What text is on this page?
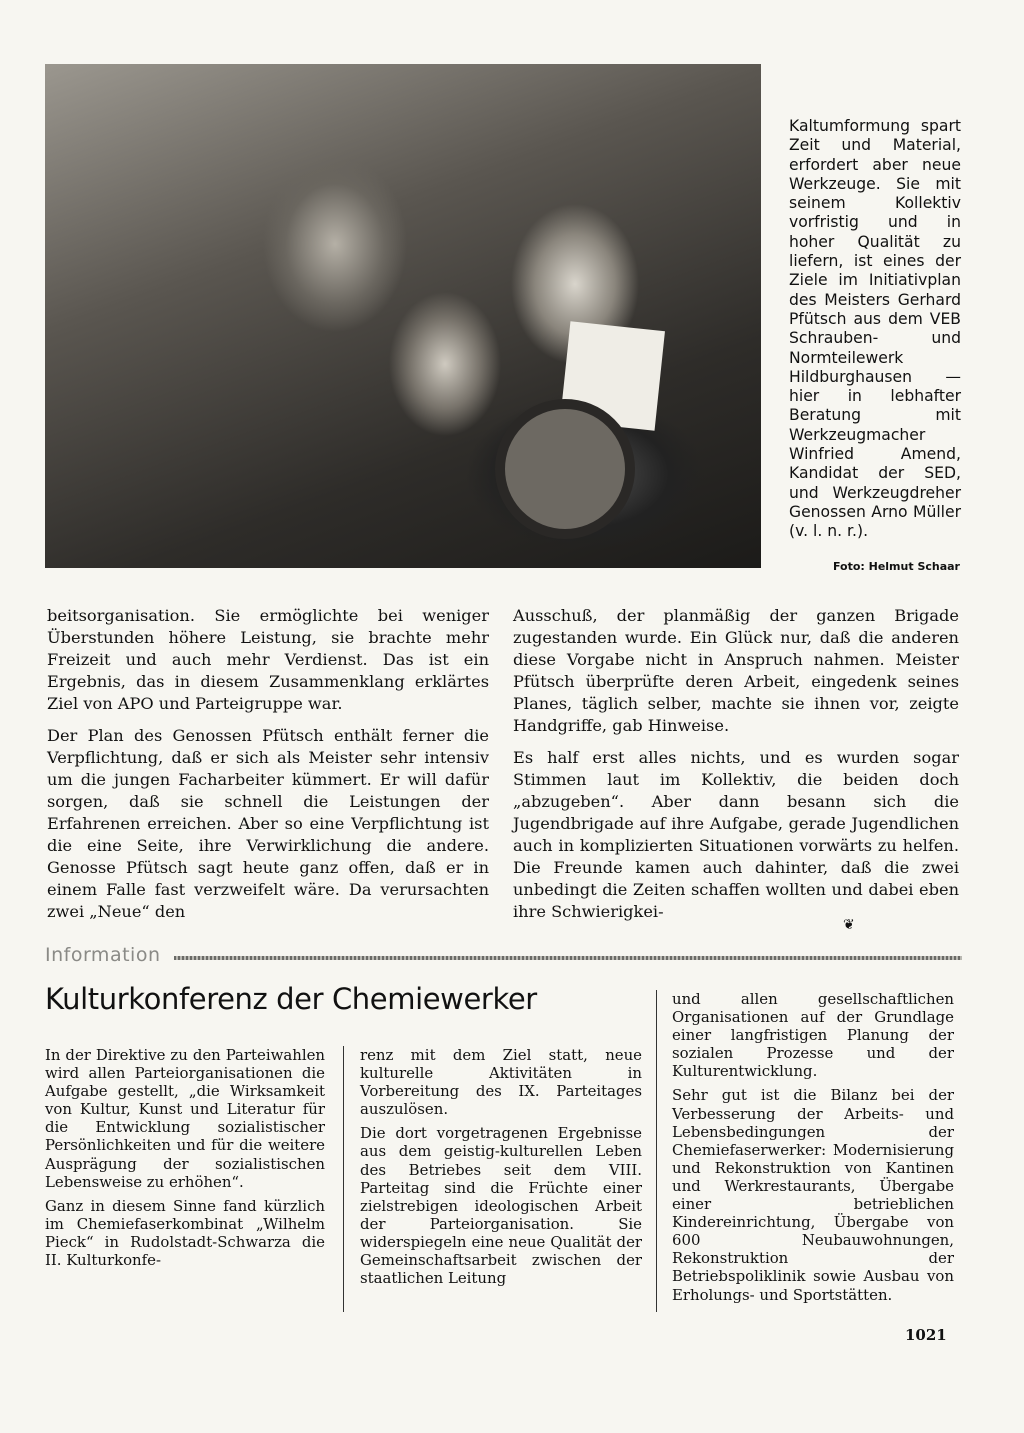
Kaltumformung spart Zeit und Material, erfordert aber neue Werkzeuge. Sie mit seinem Kollektiv vorfristig und in hoher Qualität zu liefern, ist eines der Ziele im Initiativplan des Meisters Gerhard Pfütsch aus dem VEB Schrauben- und Normteilewerk Hildburghausen — hier in lebhafter Beratung mit Werkzeugmacher Winfried Amend, Kandidat der SED, und Werkzeugdreher Genossen Arno Müller (v. l. n. r.).

Foto: Helmut Schaar

beitsorganisation. Sie ermöglichte bei weniger Überstunden höhere Leistung, sie brachte mehr Freizeit und auch mehr Verdienst. Das ist ein Ergebnis, das in diesem Zusammenklang erklärtes Ziel von APO und Parteigruppe war.

Der Plan des Genossen Pfütsch enthält ferner die Verpflichtung, daß er sich als Meister sehr intensiv um die jungen Facharbeiter kümmert. Er will dafür sorgen, daß sie schnell die Leistungen der Erfahrenen erreichen. Aber so eine Verpflichtung ist die eine Seite, ihre Verwirklichung die andere. Genosse Pfütsch sagt heute ganz offen, daß er in einem Falle fast verzweifelt wäre. Da verursachten zwei „Neue“ den

Ausschuß, der planmäßig der ganzen Brigade zugestanden wurde. Ein Glück nur, daß die anderen diese Vorgabe nicht in Anspruch nahmen. Meister Pfütsch überprüfte deren Arbeit, eingedenk seines Planes, täglich selber, machte sie ihnen vor, zeigte Handgriffe, gab Hinweise.

Es half erst alles nichts, und es wurden sogar Stimmen laut im Kollektiv, die beiden doch „abzugeben“. Aber dann besann sich die Jugendbrigade auf ihre Aufgabe, gerade Jugendlichen auch in komplizierten Situationen vorwärts zu helfen. Die Freunde kamen auch dahinter, daß die zwei unbedingt die Zeiten schaffen wollten und dabei eben ihre Schwierigkei-

❦
Information
Kulturkonferenz der Chemiewerker

In der Direktive zu den Parteiwahlen wird allen Parteiorganisationen die Aufgabe gestellt, „die Wirksamkeit von Kultur, Kunst und Literatur für die Entwicklung sozialistischer Persönlichkeiten und für die weitere Ausprägung der sozialistischen Lebensweise zu erhöhen“.

Ganz in diesem Sinne fand kürzlich im Chemiefaserkombinat „Wilhelm Pieck“ in Rudolstadt-Schwarza die II. Kulturkonfe-

renz mit dem Ziel statt, neue kulturelle Aktivitäten in Vorbereitung des IX. Parteitages auszulösen.

Die dort vorgetragenen Ergebnisse aus dem geistig-kulturellen Leben des Betriebes seit dem VIII. Parteitag sind die Früchte einer zielstrebigen ideologischen Arbeit der Parteiorganisation. Sie widerspiegeln eine neue Qualität der Gemeinschaftsarbeit zwischen der staatlichen Leitung

und allen gesellschaftlichen Organisationen auf der Grundlage einer langfristigen Planung der sozialen Prozesse und der Kulturentwicklung.

Sehr gut ist die Bilanz bei der Verbesserung der Arbeits- und Lebensbedingungen der Chemiefaserwerker: Modernisierung und Rekonstruktion von Kantinen und Werkrestaurants, Übergabe einer betrieblichen Kindereinrichtung, Übergabe von 600 Neubauwohnungen, Rekonstruktion der Betriebspoliklinik sowie Ausbau von Erholungs- und Sportstätten.

1021
